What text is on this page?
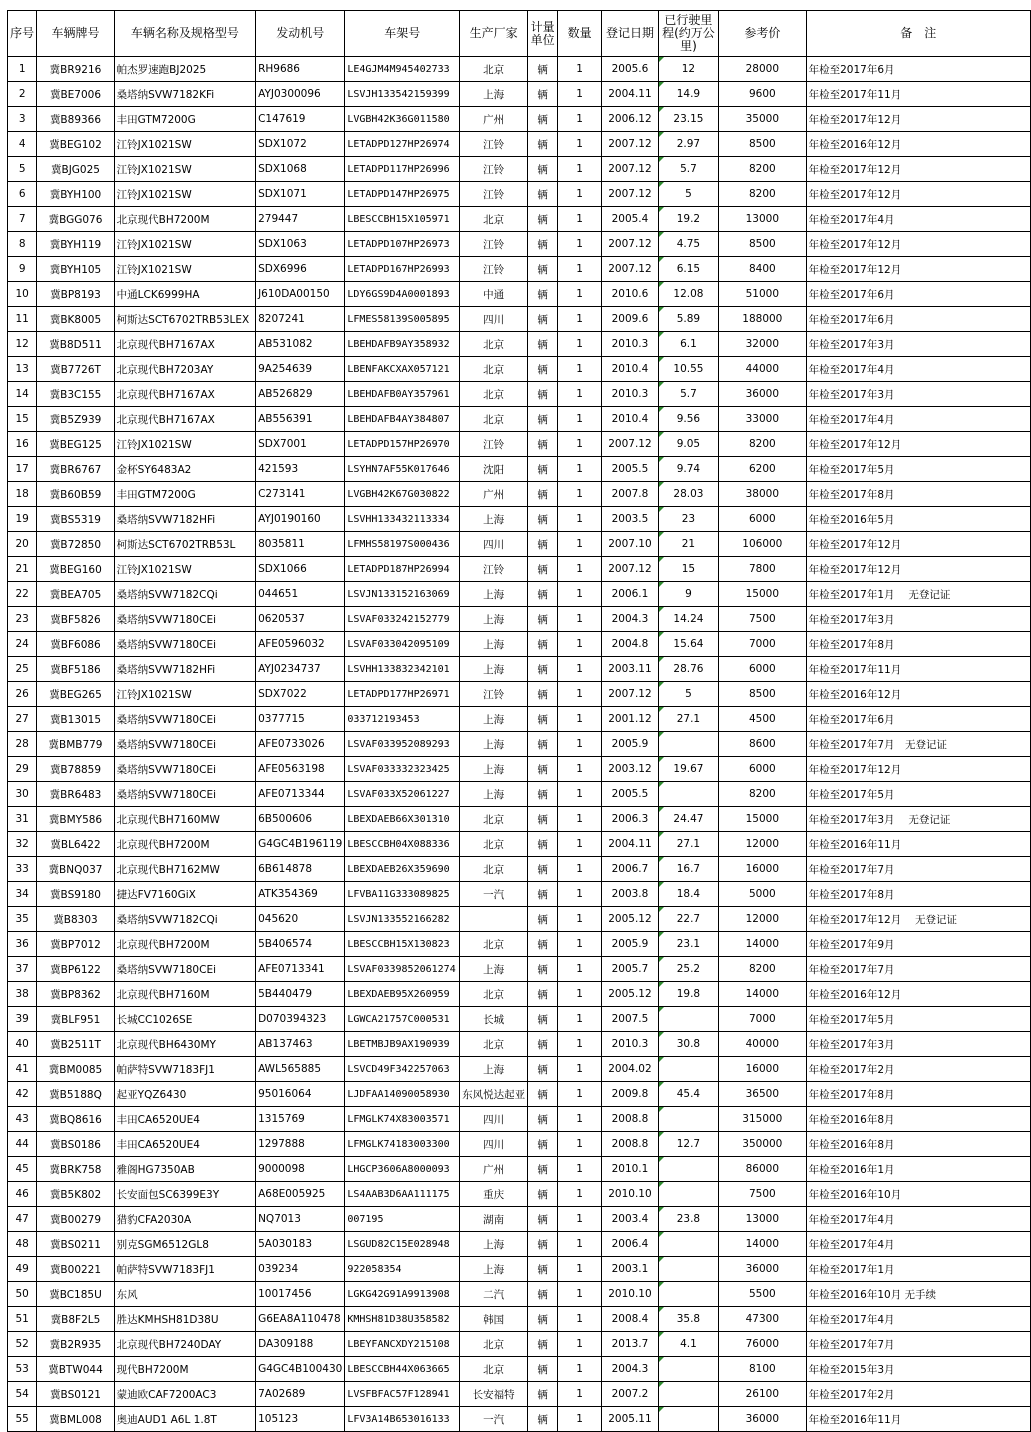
序号	车辆牌号	车辆名称及规格型号	发动机号	车架号	生产厂家	计量单位	数量	登记日期	已行驶里程(约万公里)	参考价	备　注
1	冀BR9216	帕杰罗速跑BJ2025	RH9686	LE4GJM4M945402733	北京	辆	1	2005.6	12	28000	年检至2017年6月
2	冀BE7006	桑塔纳SVW7182KFi	AYJ0300096	LSVJH133542159399	上海	辆	1	2004.11	14.9	9600	年检至2017年11月
3	冀B89366	丰田GTM7200G	C147619	LVGBH42K36G011580	广州	辆	1	2006.12	23.15	35000	年检至2017年12月
4	冀BEG102	江铃JX1021SW	SDX1072	LETADPD127HP26974	江铃	辆	1	2007.12	2.97	8500	年检至2016年12月
5	冀BJG025	江铃JX1021SW	SDX1068	LETADPD117HP26996	江铃	辆	1	2007.12	5.7	8200	年检至2017年12月
6	冀BYH100	江铃JX1021SW	SDX1071	LETADPD147HP26975	江铃	辆	1	2007.12	5	8200	年检至2017年12月
7	冀BGG076	北京现代BH7200M	279447	LBESCCBH15X105971	北京	辆	1	2005.4	19.2	13000	年检至2017年4月
8	冀BYH119	江铃JX1021SW	SDX1063	LETADPD107HP26973	江铃	辆	1	2007.12	4.75	8500	年检至2017年12月
9	冀BYH105	江铃JX1021SW	SDX6996	LETADPD167HP26993	江铃	辆	1	2007.12	6.15	8400	年检至2017年12月
10	冀BP8193	中通LCK6999HA	J610DA00150	LDY6GS9D4A0001893	中通	辆	1	2010.6	12.08	51000	年检至2017年6月
11	冀BK8005	柯斯达SCT6702TRB53LEX	8207241	LFMES58139S005895	四川	辆	1	2009.6	5.89	188000	年检至2017年6月
12	冀B8D511	北京现代BH7167AX	AB531082	LBEHDAFB9AY358932	北京	辆	1	2010.3	6.1	32000	年检至2017年3月
13	冀B7726T	北京现代BH7203AY	9A254639	LBENFAKCXAX057121	北京	辆	1	2010.4	10.55	44000	年检至2017年4月
14	冀B3C155	北京现代BH7167AX	AB526829	LBEHDAFB0AY357961	北京	辆	1	2010.3	5.7	36000	年检至2017年3月
15	冀B5Z939	北京现代BH7167AX	AB556391	LBEHDAFB4AY384807	北京	辆	1	2010.4	9.56	33000	年检至2017年4月
16	冀BEG125	江铃JX1021SW	SDX7001	LETADPD157HP26970	江铃	辆	1	2007.12	9.05	8200	年检至2017年12月
17	冀BR6767	金杯SY6483A2	421593	LSYHN7AF55K017646	沈阳	辆	1	2005.5	9.74	6200	年检至2017年5月
18	冀B60B59	丰田GTM7200G	C273141	LVGBH42K67G030822	广州	辆	1	2007.8	28.03	38000	年检至2017年8月
19	冀BS5319	桑塔纳SVW7182HFi	AYJ0190160	LSVHH133432113334	上海	辆	1	2003.5	23	6000	年检至2016年5月
20	冀B72850	柯斯达SCT6702TRB53L	8035811	LFMHS58197S000436	四川	辆	1	2007.10	21	106000	年检至2017年12月
21	冀BEG160	江铃JX1021SW	SDX1066	LETADPD187HP26994	江铃	辆	1	2007.12	15	7800	年检至2017年12月
22	冀BEA705	桑塔纳SVW7182CQi	044651	LSVJN133152163069	上海	辆	1	2006.1	9	15000	年检至2017年1月　 无登记证
23	冀BF5826	桑塔纳SVW7180CEi	0620537	LSVAF033242152779	上海	辆	1	2004.3	14.24	7500	年检至2017年3月
24	冀BF6086	桑塔纳SVW7180CEi	AFE0596032	LSVAF033042095109	上海	辆	1	2004.8	15.64	7000	年检至2017年8月
25	冀BF5186	桑塔纳SVW7182HFi	AYJ0234737	LSVHH133832342101	上海	辆	1	2003.11	28.76	6000	年检至2017年11月
26	冀BEG265	江铃JX1021SW	SDX7022	LETADPD177HP26971	江铃	辆	1	2007.12	5	8500	年检至2016年12月
27	冀B13015	桑塔纳SVW7180CEi	0377715	033712193453	上海	辆	1	2001.12	27.1	4500	年检至2017年6月
28	冀BMB779	桑塔纳SVW7180CEi	AFE0733026	LSVAF033952089293	上海	辆	1	2005.9		8600	年检至2017年7月　无登记证
29	冀B78859	桑塔纳SVW7180CEi	AFE0563198	LSVAF033332323425	上海	辆	1	2003.12	19.67	6000	年检至2017年12月
30	冀BR6483	桑塔纳SVW7180CEi	AFE0713344	LSVAF033X52061227	上海	辆	1	2005.5		8200	年检至2017年5月
31	冀BMY586	北京现代BH7160MW	6B500606	LBEXDAEB66X301310	北京	辆	1	2006.3	24.47	15000	年检至2017年3月　 无登记证
32	冀BL6422	北京现代BH7200M	G4GC4B196119	LBESCCBH04X088336	北京	辆	1	2004.11	27.1	12000	年检至2016年11月
33	冀BNQ037	北京现代BH7162MW	6B614878	LBEXDAEB26X359690	北京	辆	1	2006.7	16.7	16000	年检至2017年7月
34	冀BS9180	捷达FV7160GiX	ATK354369	LFVBA11G333089825	一汽	辆	1	2003.8	18.4	5000	年检至2017年8月
35	冀B8303	桑塔纳SVW7182CQi	045620	LSVJN133552166282		辆	1	2005.12	22.7	12000	年检至2017年12月　 无登记证
36	冀BP7012	北京现代BH7200M	5B406574	LBESCCBH15X130823	北京	辆	1	2005.9	23.1	14000	年检至2017年9月
37	冀BP6122	桑塔纳SVW7180CEi	AFE0713341	LSVAF033985206127​4	上海	辆	1	2005.7	25.2	8200	年检至2017年7月
38	冀BP8362	北京现代BH7160M	5B440479	LBEXDAEB95X260959	北京	辆	1	2005.12	19.8	14000	年检至2016年12月
39	冀BLF951	长城CC1026SE	D070394323	LGWCA21757C000531	长城	辆	1	2007.5		7000	年检至2017年5月
40	冀B2511T	北京现代BH6430MY	AB137463	LBETMBJB9AX190939	北京	辆	1	2010.3	30.8	40000	年检至2017年3月
41	冀BM0085	帕萨特SVW7183FJ1	AWL565885	LSVCD49F342257063	上海	辆	1	2004.02		16000	年检至2017年2月
42	冀B5188Q	起亚YQZ6430	95016064	LJDFAA14090058930	东风悦达起亚	辆	1	2009.8	45.4	36500	年检至2017年8月
43	冀BQ8616	丰田CA6520UE4	1315769	LFMGLK74X83003571	四川	辆	1	2008.8		315000	年检至2016年8月
44	冀BS0186	丰田CA6520UE4	1297888	LFMGLK74183003300	四川	辆	1	2008.8	12.7	350000	年检至2016年8月
45	冀BRK758	雅阁HG7350AB	9000098	LHGCP3606A8000093	广州	辆	1	2010.1		86000	年检至2016年1月
46	冀B5K802	长安面包SC6399E3Y	A68E005925	LS4AAB3D6AA111175	重庆	辆	1	2010.10		7500	年检至2016年10月
47	冀B00279	猎豹CFA2030A	NQ7013	007195	湖南	辆	1	2003.4	23.8	13000	年检至2017年4月
48	冀BS0211	别克SGM6512GL8	5A030183	LSGUD82C15E028948	上海	辆	1	2006.4		14000	年检至2017年4月
49	冀B00221	帕萨特SVW7183FJ1	039234	922058354	上海	辆	1	2003.1		36000	年检至2017年1月
50	冀BC185U	东风	10017456	LGKG42G91A9913908	二汽	辆	1	2010.10		5500	年检至2016年10月 无手续
51	冀B8F2L5	胜达KMHSH81D38U	G6EA8A110478	KMHSH81D38U358582	韩国	辆	1	2008.4	35.8	47300	年检至2017年4月
52	冀B2R935	北京现代BH7240DAY	DA309188	LBEYFANCXDY215108	北京	辆	1	2013.7	4.1	76000	年检至2017年7月
53	冀BTW044	现代BH7200M	G4GC4B100430	LBESCCBH44X063665	北京	辆	1	2004.3		8100	年检至2015年3月
54	冀BS0121	蒙迪欧CAF7200AC3	7A02689	LVSFBFAC57F128941	长安福特	辆	1	2007.2		26100	年检至2017年2月
55	冀BML008	奥迪AUD1 A6L 1.8T	105123	LFV3A14B653016133	一汽	辆	1	2005.11		36000	年检至2016年11月
